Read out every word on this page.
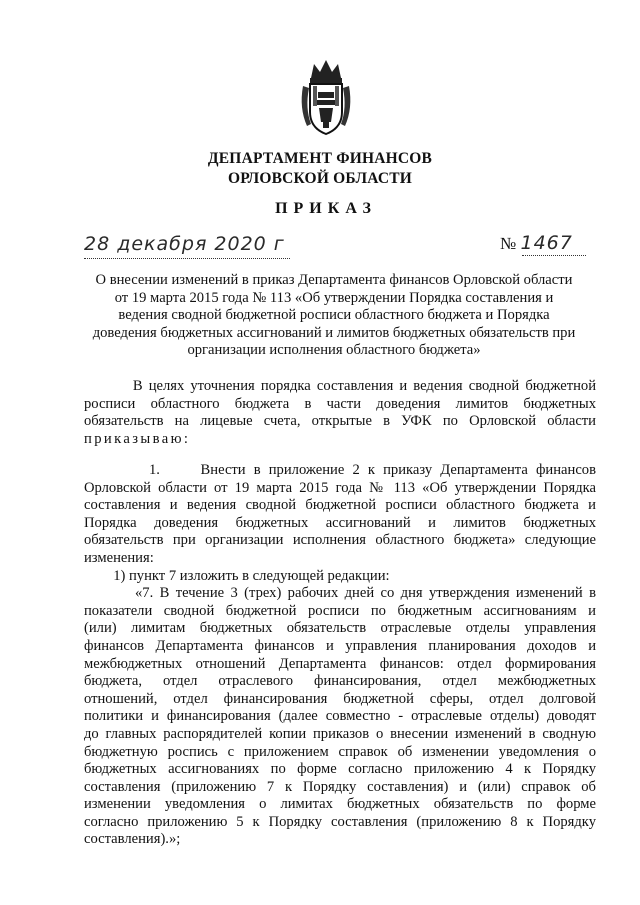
ДЕПАРТАМЕНТ ФИНАНСОВ
ОРЛОВСКОЙ ОБЛАСТИ
ПРИКАЗ
28 декабря 2020 г	№ 1467
О внесении изменений в приказ Департамента финансов Орловской области
от 19 марта 2015 года № 113 «Об утверждении Порядка составления и
ведения сводной бюджетной росписи областного бюджета и Порядка
доведения бюджетных ассигнований и лимитов бюджетных обязательств при
организации исполнения областного бюджета»
В целях уточнения порядка составления и ведения сводной бюджетной
росписи областного бюджета в части доведения лимитов бюджетных
обязательств на лицевые счета, открытые в УФК по Орловской области
приказываю:
1.     Внести в приложение 2 к приказу Департамента финансов
Орловской области от 19 марта 2015 года № 113 «Об утверждении Порядка
составления и ведения сводной бюджетной росписи областного бюджета и
Порядка доведения бюджетных ассигнований и лимитов бюджетных
обязательств при организации исполнения областного бюджета» следующие
изменения:
1) пункт 7 изложить в следующей редакции:
«7. В течение 3 (трех) рабочих дней со дня утверждения изменений в
показатели сводной бюджетной росписи по бюджетным ассигнованиям и
(или) лимитам бюджетных обязательств отраслевые отделы управления
финансов Департамента финансов и управления планирования доходов и
межбюджетных отношений Департамента финансов: отдел формирования
бюджета, отдел отраслевого финансирования, отдел межбюджетных
отношений, отдел финансирования бюджетной сферы, отдел долговой
политики и финансирования (далее совместно - отраслевые отделы) доводят
до главных распорядителей копии приказов о внесении изменений в сводную
бюджетную роспись с приложением справок об изменении уведомления о
бюджетных ассигнованиях по форме согласно приложению 4 к Порядку
составления (приложению 7 к Порядку составления) и (или) справок об
изменении уведомления о лимитах бюджетных обязательств по форме
согласно приложению 5 к Порядку составления (приложению 8 к Порядку
составления).»;
